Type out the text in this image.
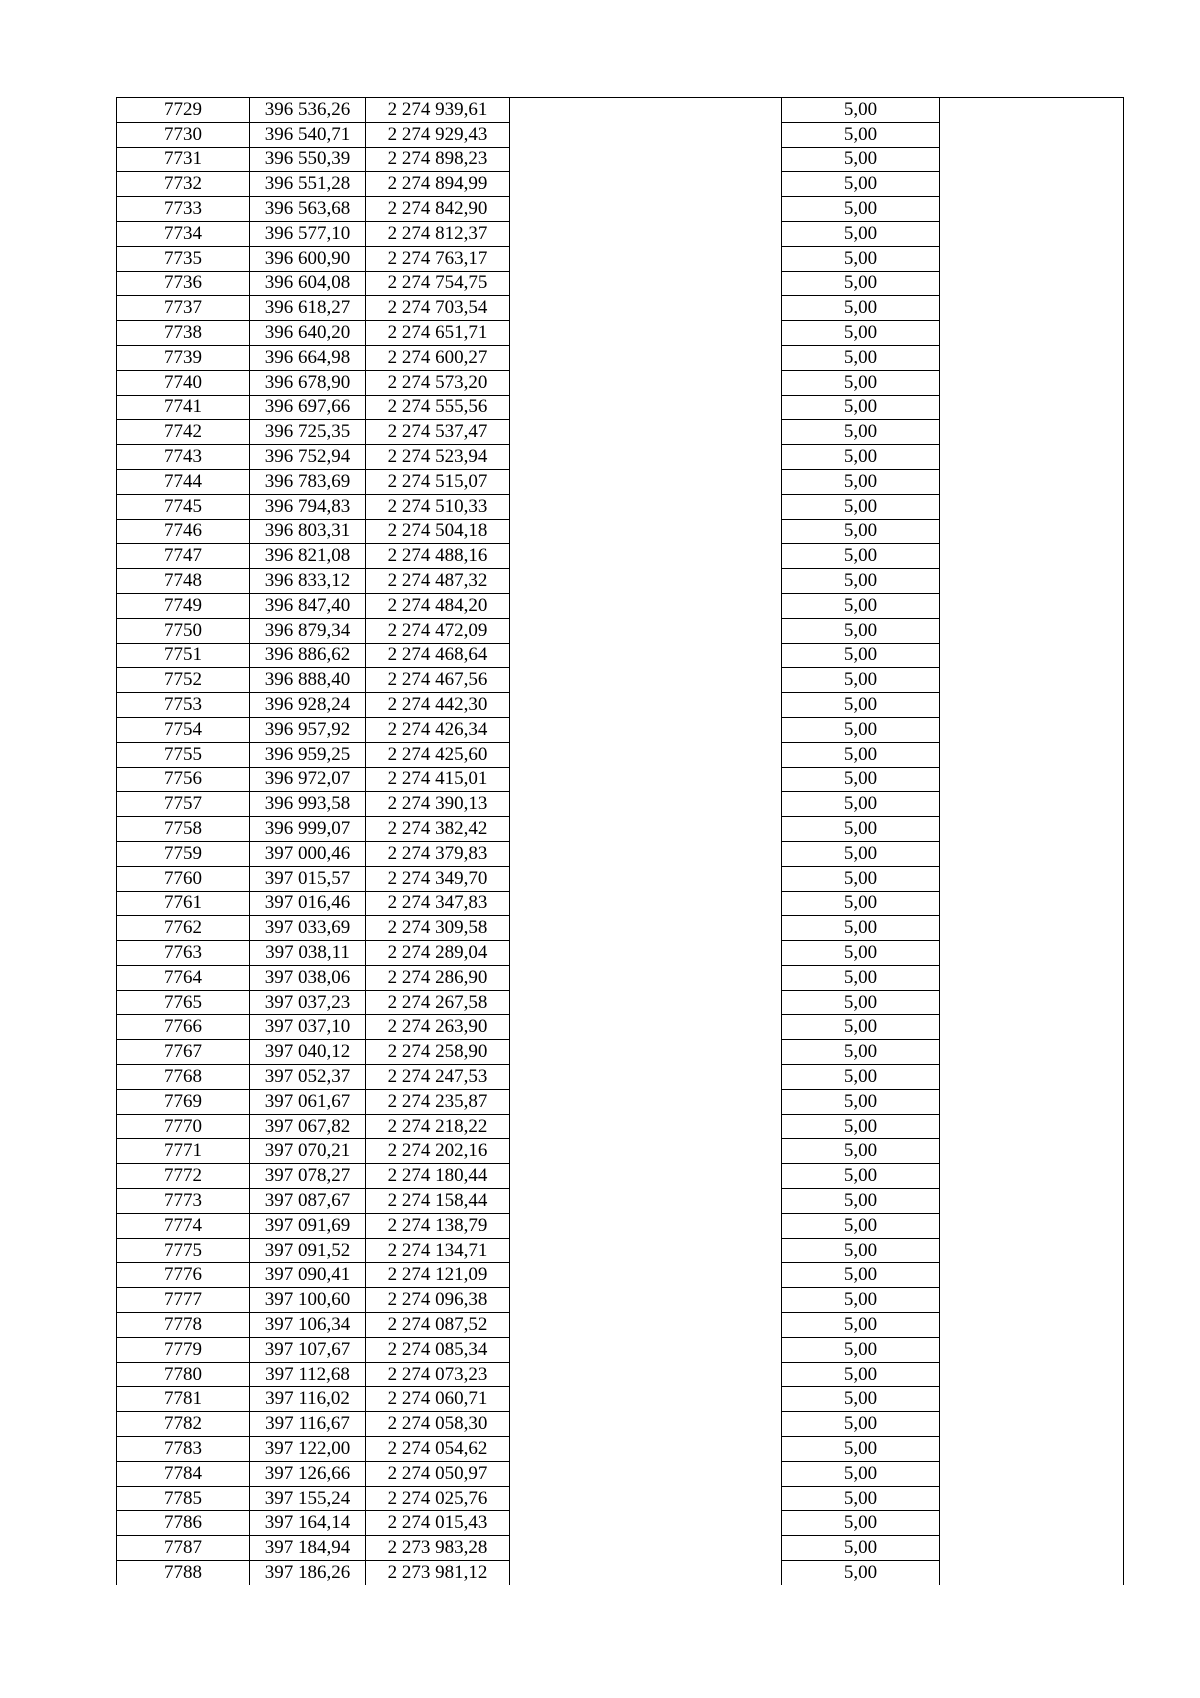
7729	396 536,26	2 274 939,61		5,00	
7730	396 540,71	2 274 929,43		5,00	
7731	396 550,39	2 274 898,23		5,00	
7732	396 551,28	2 274 894,99		5,00	
7733	396 563,68	2 274 842,90		5,00	
7734	396 577,10	2 274 812,37		5,00	
7735	396 600,90	2 274 763,17		5,00	
7736	396 604,08	2 274 754,75		5,00	
7737	396 618,27	2 274 703,54		5,00	
7738	396 640,20	2 274 651,71		5,00	
7739	396 664,98	2 274 600,27		5,00	
7740	396 678,90	2 274 573,20		5,00	
7741	396 697,66	2 274 555,56		5,00	
7742	396 725,35	2 274 537,47		5,00	
7743	396 752,94	2 274 523,94		5,00	
7744	396 783,69	2 274 515,07		5,00	
7745	396 794,83	2 274 510,33		5,00	
7746	396 803,31	2 274 504,18		5,00	
7747	396 821,08	2 274 488,16		5,00	
7748	396 833,12	2 274 487,32		5,00	
7749	396 847,40	2 274 484,20		5,00	
7750	396 879,34	2 274 472,09		5,00	
7751	396 886,62	2 274 468,64		5,00	
7752	396 888,40	2 274 467,56		5,00	
7753	396 928,24	2 274 442,30		5,00	
7754	396 957,92	2 274 426,34		5,00	
7755	396 959,25	2 274 425,60		5,00	
7756	396 972,07	2 274 415,01		5,00	
7757	396 993,58	2 274 390,13		5,00	
7758	396 999,07	2 274 382,42		5,00	
7759	397 000,46	2 274 379,83		5,00	
7760	397 015,57	2 274 349,70		5,00	
7761	397 016,46	2 274 347,83		5,00	
7762	397 033,69	2 274 309,58		5,00	
7763	397 038,11	2 274 289,04		5,00	
7764	397 038,06	2 274 286,90		5,00	
7765	397 037,23	2 274 267,58		5,00	
7766	397 037,10	2 274 263,90		5,00	
7767	397 040,12	2 274 258,90		5,00	
7768	397 052,37	2 274 247,53		5,00	
7769	397 061,67	2 274 235,87		5,00	
7770	397 067,82	2 274 218,22		5,00	
7771	397 070,21	2 274 202,16		5,00	
7772	397 078,27	2 274 180,44		5,00	
7773	397 087,67	2 274 158,44		5,00	
7774	397 091,69	2 274 138,79		5,00	
7775	397 091,52	2 274 134,71		5,00	
7776	397 090,41	2 274 121,09		5,00	
7777	397 100,60	2 274 096,38		5,00	
7778	397 106,34	2 274 087,52		5,00	
7779	397 107,67	2 274 085,34		5,00	
7780	397 112,68	2 274 073,23		5,00	
7781	397 116,02	2 274 060,71		5,00	
7782	397 116,67	2 274 058,30		5,00	
7783	397 122,00	2 274 054,62		5,00	
7784	397 126,66	2 274 050,97		5,00	
7785	397 155,24	2 274 025,76		5,00	
7786	397 164,14	2 274 015,43		5,00	
7787	397 184,94	2 273 983,28		5,00	
7788	397 186,26	2 273 981,12		5,00	
